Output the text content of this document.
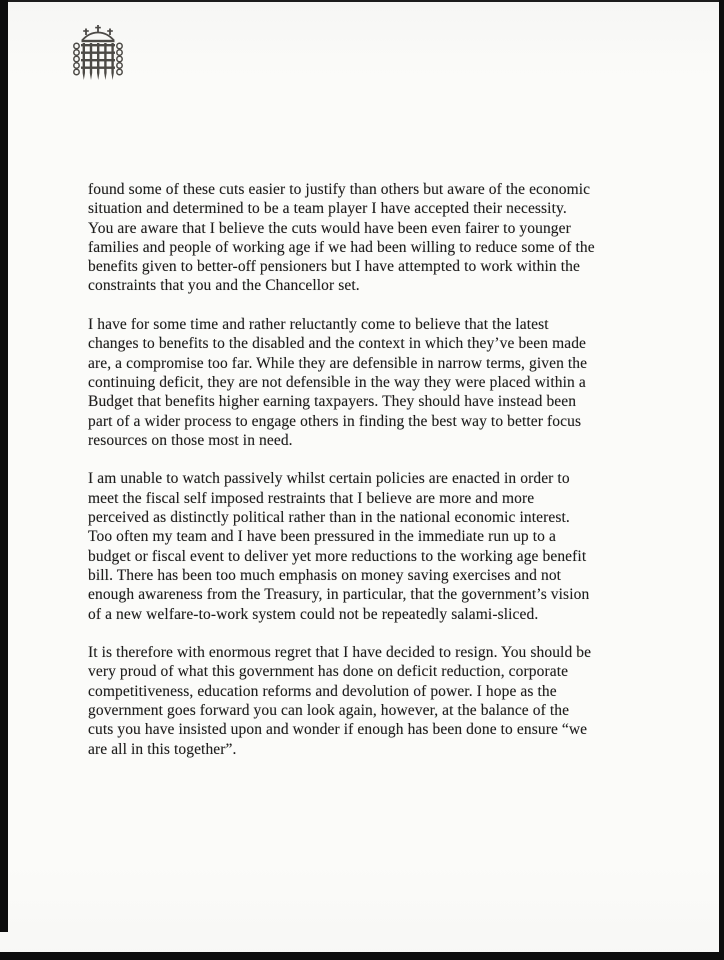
found some of these cuts easier to justify than others but aware of the economic
situation and determined to be a team player I have accepted their necessity.
You are aware that I believe the cuts would have been even fairer to younger
families and people of working age if we had been willing to reduce some of the
benefits given to better-off pensioners but I have attempted to work within the
constraints that you and the Chancellor set.

I have for some time and rather reluctantly come to believe that the latest
changes to benefits to the disabled and the context in which they’ve been made
are, a compromise too far. While they are defensible in narrow terms, given the
continuing deficit, they are not defensible in the way they were placed within a
Budget that benefits higher earning taxpayers. They should have instead been
part of a wider process to engage others in finding the best way to better focus
resources on those most in need.

I am unable to watch passively whilst certain policies are enacted in order to
meet the fiscal self imposed restraints that I believe are more and more
perceived as distinctly political rather than in the national economic interest.
Too often my team and I have been pressured in the immediate run up to a
budget or fiscal event to deliver yet more reductions to the working age benefit
bill. There has been too much emphasis on money saving exercises and not
enough awareness from the Treasury, in particular, that the government’s vision
of a new welfare-to-work system could not be repeatedly salami-sliced.

It is therefore with enormous regret that I have decided to resign. You should be
very proud of what this government has done on deficit reduction, corporate
competitiveness, education reforms and devolution of power. I hope as the
government goes forward you can look again, however, at the balance of the
cuts you have insisted upon and wonder if enough has been done to ensure “we
are all in this together”.
